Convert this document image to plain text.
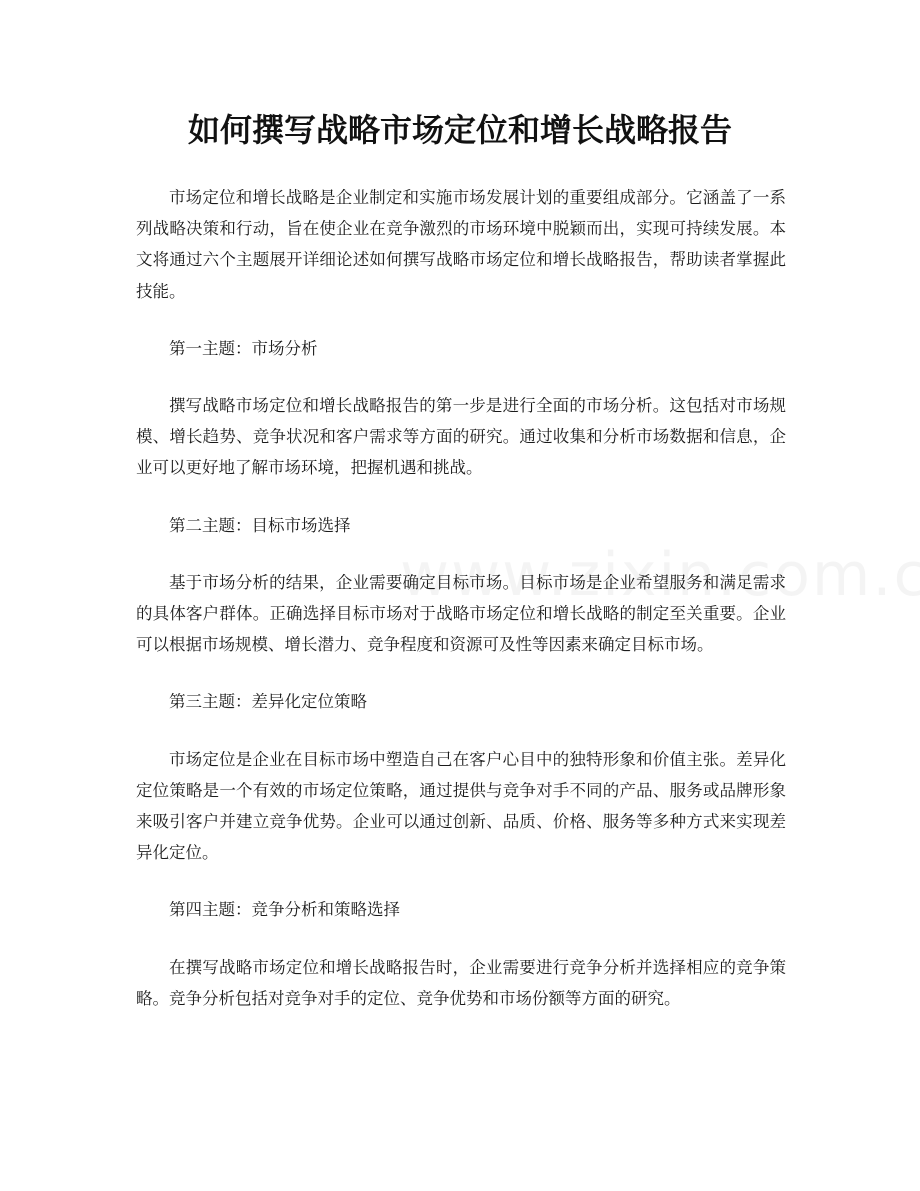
如何撰写战略市场定位和增长战略报告

市场定位和增长战略是企业制定和实施市场发展计划的重要组成部分。它涵盖了一系列战略决策和行动，旨在使企业在竞争激烈的市场环境中脱颖而出，实现可持续发展。本文将通过六个主题展开详细论述如何撰写战略市场定位和增长战略报告，帮助读者掌握此技能。

第一主题：市场分析

撰写战略市场定位和增长战略报告的第一步是进行全面的市场分析。这包括对市场规模、增长趋势、竞争状况和客户需求等方面的研究。通过收集和分析市场数据和信息，企业可以更好地了解市场环境，把握机遇和挑战。

第二主题：目标市场选择

基于市场分析的结果，企业需要确定目标市场。目标市场是企业希望服务和满足需求的具体客户群体。正确选择目标市场对于战略市场定位和增长战略的制定至关重要。企业可以根据市场规模、增长潜力、竞争程度和资源可及性等因素来确定目标市场。

第三主题：差异化定位策略

市场定位是企业在目标市场中塑造自己在客户心目中的独特形象和价值主张。差异化定位策略是一个有效的市场定位策略，通过提供与竞争对手不同的产品、服务或品牌形象来吸引客户并建立竞争优势。企业可以通过创新、品质、价格、服务等多种方式来实现差异化定位。

第四主题：竞争分析和策略选择

在撰写战略市场定位和增长战略报告时，企业需要进行竞争分析并选择相应的竞争策略。竞争分析包括对竞争对手的定位、竞争优势和市场份额等方面的研究。
